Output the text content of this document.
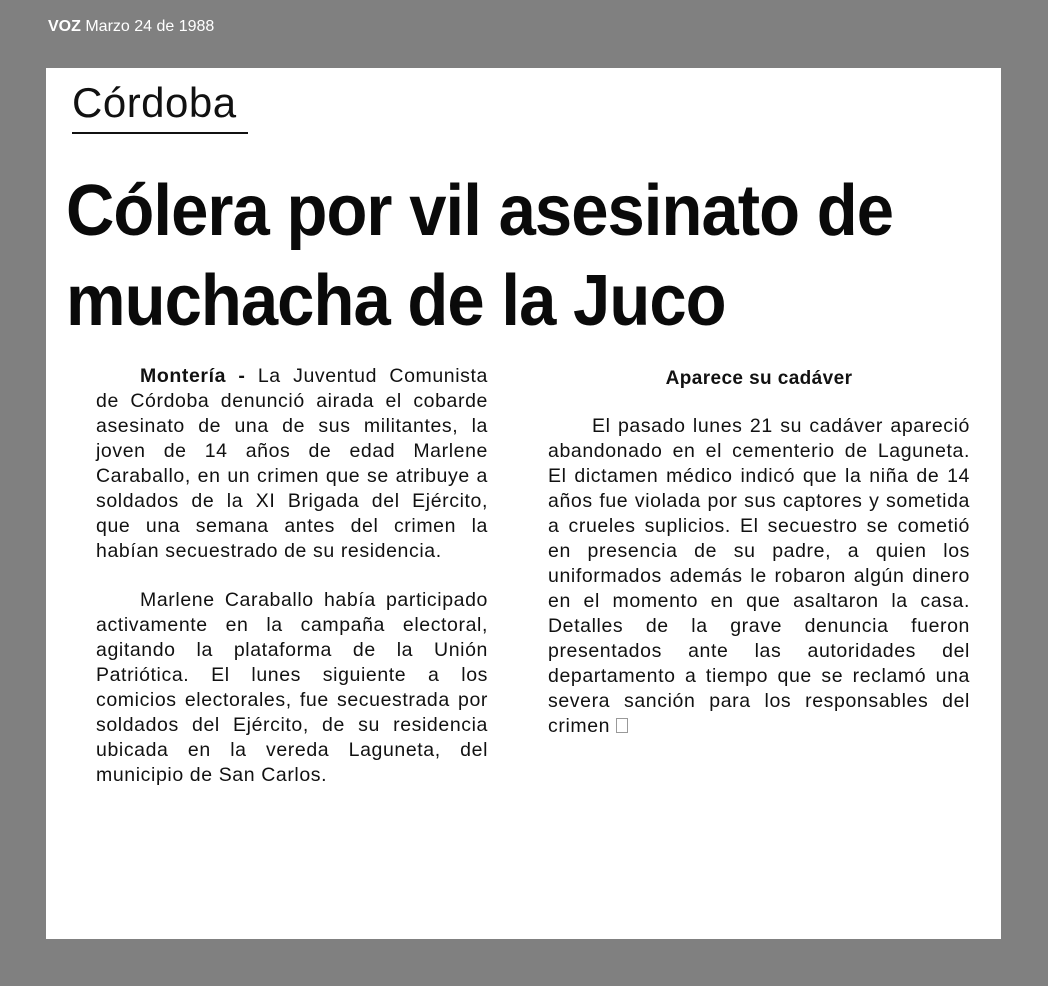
VOZ Marzo 24 de 1988
Córdoba
Cólera por vil asesinato de muchacha de la Juco

Montería - La Juventud Comunista de Córdoba denunció airada el cobarde asesinato de una de sus militantes, la joven de 14 años de edad Marlene Caraballo, en un crimen que se atribuye a soldados de la XI Brigada del Ejército, que una semana antes del crimen la habían secuestrado de su residencia.

Marlene Caraballo había participado activamente en la campaña electoral, agitando la plataforma de la Unión Patriótica. El lunes siguiente a los comicios electorales, fue secuestrada por soldados del Ejército, de su residencia ubicada en la vereda Laguneta, del municipio de San Carlos.

Aparece su cadáver

El pasado lunes 21 su cadáver apareció abandonado en el cementerio de Laguneta. El dictamen médico indicó que la niña de 14 años fue violada por sus captores y sometida a crueles suplicios. El secuestro se cometió en presencia de su padre, a quien los uniformados además le robaron algún dinero en el momento en que asaltaron la casa. Detalles de la grave denuncia fueron presentados ante las autoridades del departamento a tiempo que se reclamó una severa sanción para los responsables del crimen
